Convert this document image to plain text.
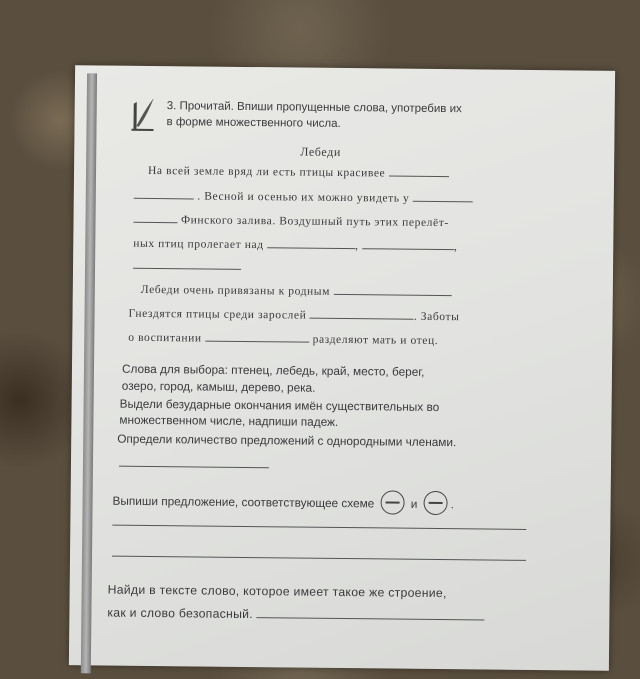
3. Прочитай. Впиши пропущенные слова, употребив их
в форме множественного числа.
Лебеди
На всей земле вряд ли есть птицы красивее
. Весной и осенью их можно увидеть у
Финского залива. Воздушный путь этих перелёт-
ных птиц пролегает над	,	,
Лебеди очень привязаны к родным
Гнездятся птицы среди зарослей	. Заботы
о воспитании	разделяют мать и отец.
Слова для выбора: птенец, лебедь, край, место, берег,
озеро, город, камыш, дерево, река.
Выдели безударные окончания имён существительных во
множественном числе, надпиши падеж.
Определи количество предложений с однородными членами.
Выпиши предложение, соответствующее схеме	и	.
Найди в тексте слово, которое имеет такое же строение,
как и слово безопасный.
